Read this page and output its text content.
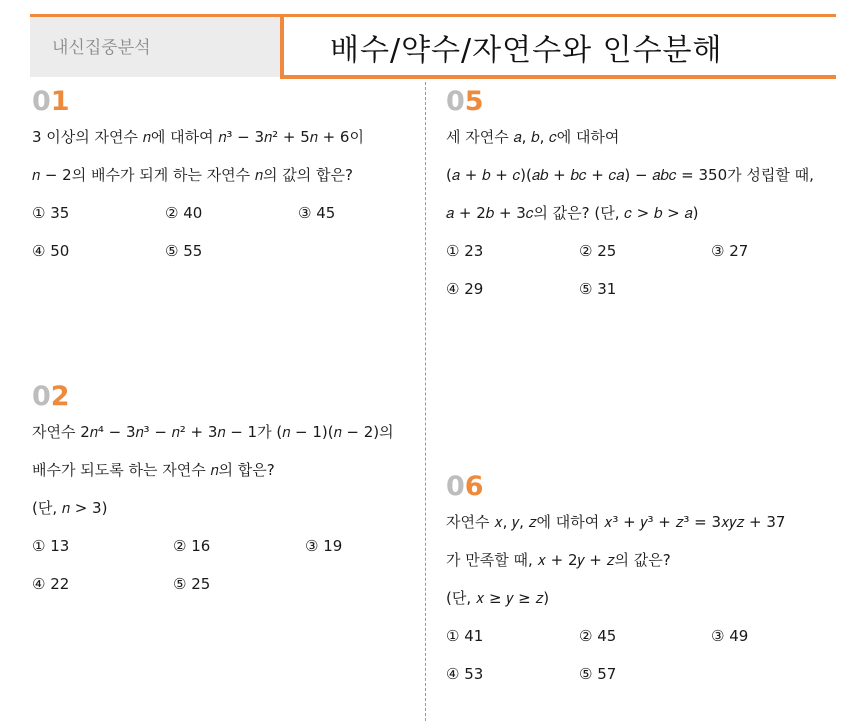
내신집중분석	배수/약수/자연수와 인수분해
01
3 이상의 자연수 𝑛에 대하여 𝑛³ − 3𝑛² + 5𝑛 + 6이
𝑛 − 2의 배수가 되게 하는 자연수 𝑛의 값의 합은?
① 35	② 40	③ 45
④ 50	⑤ 55
02
자연수 2𝑛⁴ − 3𝑛³ − 𝑛² + 3𝑛 − 1가 (𝑛 − 1)(𝑛 − 2)의
배수가 되도록 하는 자연수 𝑛의 합은?
(단, 𝑛 > 3)
① 13	② 16	③ 19
④ 22	⑤ 25
05
세 자연수 𝑎, 𝑏, 𝑐에 대하여
(𝑎 + 𝑏 + 𝑐)(𝑎𝑏 + 𝑏𝑐 + 𝑐𝑎) − 𝑎𝑏𝑐 = 350가 성립할 때,
𝑎 + 2𝑏 + 3𝑐의 값은? (단, 𝑐 > 𝑏 > 𝑎)
① 23	② 25	③ 27
④ 29	⑤ 31
06
자연수 𝑥, 𝑦, 𝑧에 대하여 𝑥³ + 𝑦³ + 𝑧³ = 3𝑥𝑦𝑧 + 37
가 만족할 때, 𝑥 + 2𝑦 + 𝑧의 값은?
(단, 𝑥 ≥ 𝑦 ≥ 𝑧)
① 41	② 45	③ 49
④ 53	⑤ 57
